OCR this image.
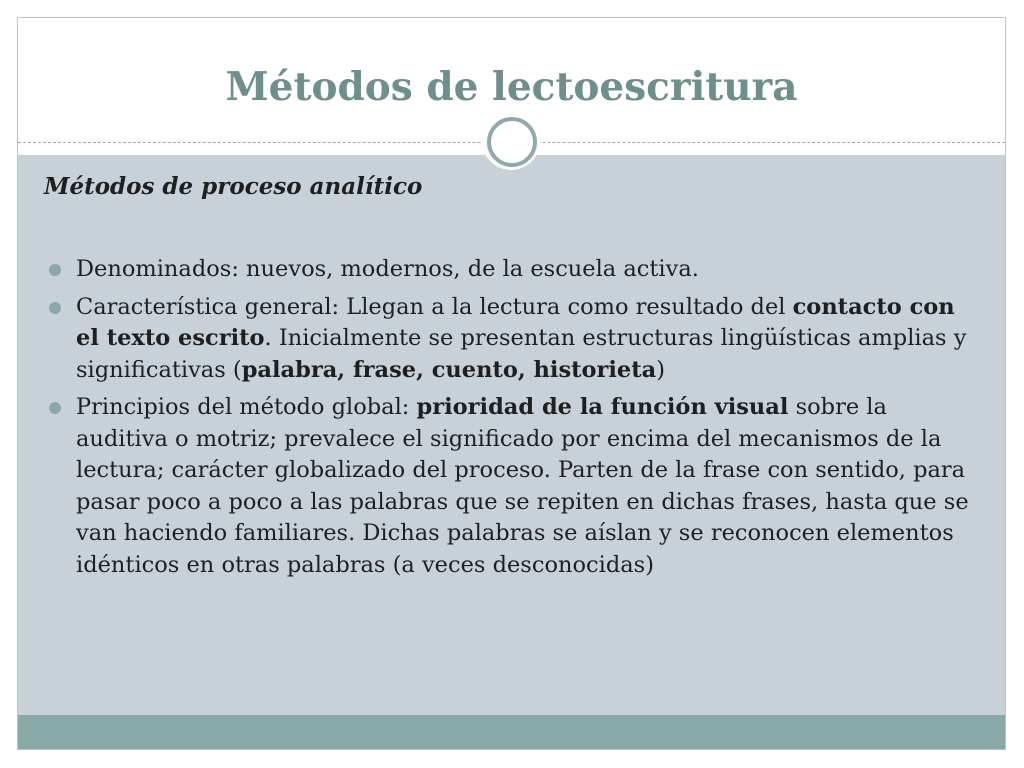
Métodos de lectoescritura
Métodos de proceso analítico
Denominados: nuevos, modernos, de la escuela activa.
Característica general: Llegan a la lectura como resultado del contacto con el texto escrito. Inicialmente se presentan estructuras lingüísticas amplias y significativas (palabra, frase, cuento, historieta)
Principios del método global: prioridad de la función visual sobre la auditiva o motriz; prevalece el significado por encima del mecanismos de la lectura; carácter globalizado del proceso. Parten de la frase con sentido, para pasar poco a poco a las palabras que se repiten en dichas frases, hasta que se van haciendo familiares. Dichas palabras se aíslan y se reconocen elementos idénticos en otras palabras (a veces desconocidas)
